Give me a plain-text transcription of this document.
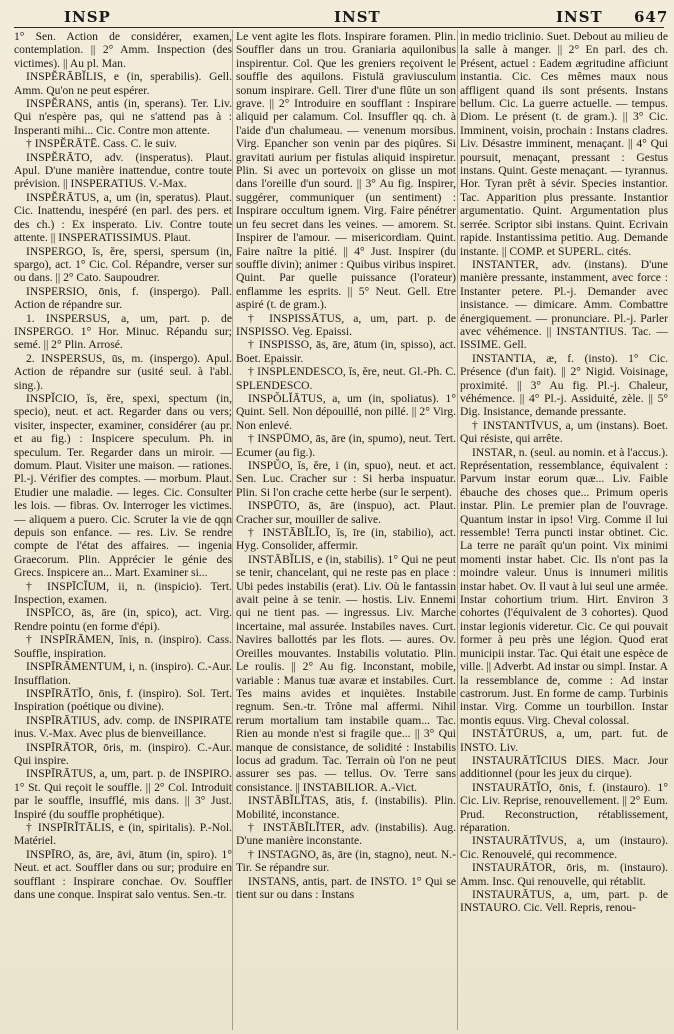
INSP	INST	INST 647

1° Sen. Action de considérer, examen, contemplation. || 2° Amm. Inspection (des victimes). || Au pl. Man.

INSPĔRĀBĬLIS, e (in, sperabilis). Gell. Amm. Qu'on ne peut espérer.

INSPĔRANS, antis (in, sperans). Ter. Liv. Qui n'espère pas, qui ne s'attend pas à : Insperanti mihi... Cic. Contre mon attente.

† INSPĔRĀTĒ. Cass. C. le suiv.

INSPĔRĀTO, adv. (insperatus). Plaut. Apul. D'une manière inattendue, contre toute prévision. || INSPERATIUS. V.-Max.

INSPĔRĀTUS, a, um (in, speratus). Plaut. Cic. Inattendu, inespéré (en parl. des pers. et des ch.) : Ex insperato. Liv. Contre toute attente. || INSPERATISSIMUS. Plaut.

INSPERGO, ĭs, ĕre, spersi, spersum (in, spargo), act. 1° Cic. Col. Répandre, verser sur ou dans. || 2° Cato. Saupoudrer.

INSPERSIO, ōnis, f. (inspergo). Pall. Action de répandre sur.

1. INSPERSUS, a, um, part. p. de INSPERGO. 1° Hor. Minuc. Répandu sur; semé. || 2° Plin. Arrosé.

2. INSPERSUS, ūs, m. (inspergo). Apul. Action de répandre sur (usité seul. à l'abl. sing.).

INSPĬCIO, ĭs, ĕre, spexi, spectum (in, specio), neut. et act. Regarder dans ou vers; visiter, inspecter, examiner, considérer (au pr. et au fig.) : Inspicere speculum. Ph. in speculum. Ter. Regarder dans un miroir. — domum. Plaut. Visiter une maison. — rationes. Pl.-j. Vérifier des comptes. — morbum. Plaut. Etudier une maladie. — leges. Cic. Consulter les lois. — fibras. Ov. Interroger les victimes. — aliquem a puero. Cic. Scruter la vie de qqn depuis son enfance. — res. Liv. Se rendre compte de l'état des affaires. — ingenia Graecorum. Plin. Apprécier le génie des Grecs. Inspicere an... Mart. Examiner si...

† INSPĪCĬUM, ii, n. (inspicio). Tert. Inspection, examen.

INSPĪCO, ās, āre (in, spico), act. Virg. Rendre pointu (en forme d'épi).

† INSPĪRĀMEN, ĭnis, n. (inspiro). Cass. Souffle, inspiration.

INSPĪRĀMENTUM, i, n. (inspiro). C.-Aur. Insufflation.

INSPĪRĀTĬO, ōnis, f. (inspiro). Sol. Tert. Inspiration (poétique ou divine).

INSPĪRĀTIUS, adv. comp. de INSPIRATE inus. V.-Max. Avec plus de bienveillance.

INSPĪRĀTOR, ōris, m. (inspiro). C.-Aur. Qui inspire.

INSPĪRĀTUS, a, um, part. p. de INSPIRO. 1° St. Qui reçoit le souffle. || 2° Col. Introduit par le souffle, insufflé, mis dans. || 3° Just. Inspiré (du souffle prophétique).

† INSPĪRĬTĀLIS, e (in, spiritalis). P.-Nol. Matériel.

INSPĪRO, ās, āre, āvi, ātum (in, spiro). 1° Neut. et act. Souffler dans ou sur; produire en soufflant : Inspirare conchae. Ov. Souffler dans une conque. Inspirat salo ventus. Sen.-tr.

Le vent agite les flots. Inspirare foramen. Plin. Souffler dans un trou. Graniaria aquilonibus inspirentur. Col. Que les greniers reçoivent le souffle des aquilons. Fistulā graviusculum sonum inspirare. Gell. Tirer d'une flûte un son grave. || 2° Introduire en soufflant : Inspirare aliquid per calamum. Col. Insuffler qq. ch. à l'aide d'un chalumeau. — venenum morsibus. Virg. Epancher son venin par des piqûres. Si gravitati aurium per fistulas aliquid inspiretur. Plin. Si avec un portevoix on glisse un mot dans l'oreille d'un sourd. || 3° Au fig. Inspirer, suggérer, communiquer (un sentiment) : Inspirare occultum ignem. Virg. Faire pénétrer un feu secret dans les veines. — amorem. St. Inspirer de l'amour. — misericordiam. Quint. Faire naître la pitié. || 4° Just. Inspirer (du souffle divin); animer : Quibus viribus inspiret. Quint. Par quelle puissance (l'orateur) enflamme les esprits. || 5° Neut. Gell. Etre aspiré (t. de gram.).

† INSPISSĀTUS, a, um, part. p. de INSPISSO. Veg. Epaissi.

† INSPISSO, ās, āre, ātum (in, spisso), act. Boet. Epaissir.

† INSPLENDESCO, ĭs, ĕre, neut. Gl.-Ph. C. SPLENDESCO.

INSPŎLĬĀTUS, a, um (in, spoliatus). 1° Quint. Sell. Non dépouillé, non pillé. || 2° Virg. Non enlevé.

† INSPŪMO, ās, āre (in, spumo), neut. Tert. Ecumer (au fig.).

INSPŬO, ĭs, ĕre, i (in, spuo), neut. et act. Sen. Luc. Cracher sur : Si herba inspuatur. Plin. Si l'on crache cette herbe (sur le serpent).

INSPŪTO, ās, āre (inspuo), act. Plaut. Cracher sur, mouiller de salive.

† INSTĀBĬLĬO, ĭs, īre (in, stabilio), act. Hyg. Consolider, affermir.

INSTĀBĬLIS, e (in, stabilis). 1° Qui ne peut se tenir, chancelant, qui ne reste pas en place : Ubi pedes instabilis (erat). Liv. Où le fantassin avait peine à se tenir. — hostis. Liv. Ennemi qui ne tient pas. — ingressus. Liv. Marche incertaine, mal assurée. Instabiles naves. Curt. Navires ballottés par les flots. — aures. Ov. Oreilles mouvantes. Instabilis volutatio. Plin. Le roulis. || 2° Au fig. Inconstant, mobile, variable : Manus tuæ avaræ et instabiles. Curt. Tes mains avides et inquiètes. Instabile regnum. Sen.-tr. Trône mal affermi. Nihil rerum mortalium tam instabile quam... Tac. Rien au monde n'est si fragile que... || 3° Qui manque de consistance, de solidité : Instabilis locus ad gradum. Tac. Terrain où l'on ne peut assurer ses pas. — tellus. Ov. Terre sans consistance. || INSTABILIOR. A.-Vict.

INSTĀBĬLĬTAS, ātis, f. (instabilis). Plin. Mobilité, inconstance.

† INSTĀBĬLĬTER, adv. (instabilis). Aug. D'une manière inconstante.

† INSTAGNO, ās, āre (in, stagno), neut. N.-Tir. Se répandre sur.

INSTANS, antis, part. de INSTO. 1° Qui se tient sur ou dans : Instans

in medio triclinio. Suet. Debout au milieu de la salle à manger. || 2° En parl. des ch. Présent, actuel : Eadem ægritudine afficiunt instantia. Cic. Ces mêmes maux nous affligent quand ils sont présents. Instans bellum. Cic. La guerre actuelle. — tempus. Diom. Le présent (t. de gram.). || 3° Cic. Imminent, voisin, prochain : Instans cladres. Liv. Désastre imminent, menaçant. || 4° Qui poursuit, menaçant, pressant : Gestus instans. Quint. Geste menaçant. — tyrannus. Hor. Tyran prêt à sévir. Species instantior. Tac. Apparition plus pressante. Instantior argumentatio. Quint. Argumentation plus serrée. Scriptor sibi instans. Quint. Ecrivain rapide. Instantissima petitio. Aug. Demande instante. || COMP. et SUPERL. cités.

INSTANTER, adv. (instans). D'une manière pressante, instamment, avec force : Instanter petere. Pl.-j. Demander avec insistance. — dimicare. Amm. Combattre énergiquement. — pronunciare. Pl.-j. Parler avec véhémence. || INSTANTIUS. Tac. — ISSIME. Gell.

INSTANTIA, æ, f. (insto). 1° Cic. Présence (d'un fait). || 2° Nigid. Voisinage, proximité. || 3° Au fig. Pl.-j. Chaleur, véhémence. || 4° Pl.-j. Assiduité, zèle. || 5° Dig. Insistance, demande pressante.

† INSTANTĪVUS, a, um (instans). Boet. Qui résiste, qui arrête.

INSTAR, n. (seul. au nomin. et à l'accus.). Représentation, ressemblance, équivalent : Parvum instar eorum quæ... Liv. Faible ébauche des choses que... Primum operis instar. Plin. Le premier plan de l'ouvrage. Quantum instar in ipso! Virg. Comme il lui ressemble! Terra puncti instar obtinet. Cic. La terre ne paraît qu'un point. Vix minimi momenti instar habet. Cic. Ils n'ont pas la moindre valeur. Unus is innumeri militis instar habet. Ov. Il vaut à lui seul une armée. Instar cohortium trium. Hirt. Environ 3 cohortes (l'équivalent de 3 cohortes). Quod instar legionis videretur. Cic. Ce qui pouvait former à peu près une légion. Quod erat municipii instar. Tac. Qui était une espèce de ville. || Adverbt. Ad instar ou simpl. Instar. A la ressemblance de, comme : Ad instar castrorum. Just. En forme de camp. Turbinis instar. Virg. Comme un tourbillon. Instar montis equus. Virg. Cheval colossal.

INSTĀTŪRUS, a, um, part. fut. de INSTO. Liv.

INSTAURĀTĪCIUS DIES. Macr. Jour additionnel (pour les jeux du cirque).

INSTAURĀTĬO, ōnis, f. (instauro). 1° Cic. Liv. Reprise, renouvellement. || 2° Eum. Prud. Reconstruction, rétablissement, réparation.

INSTAURĀTĪVUS, a, um (instauro). Cic. Renouvelé, qui recommence.

INSTAURĀTOR, ōris, m. (instauro). Amm. Insc. Qui renouvelle, qui rétablit.

INSTAURĀTUS, a, um, part. p. de INSTAURO. Cic. Vell. Repris, renou-
